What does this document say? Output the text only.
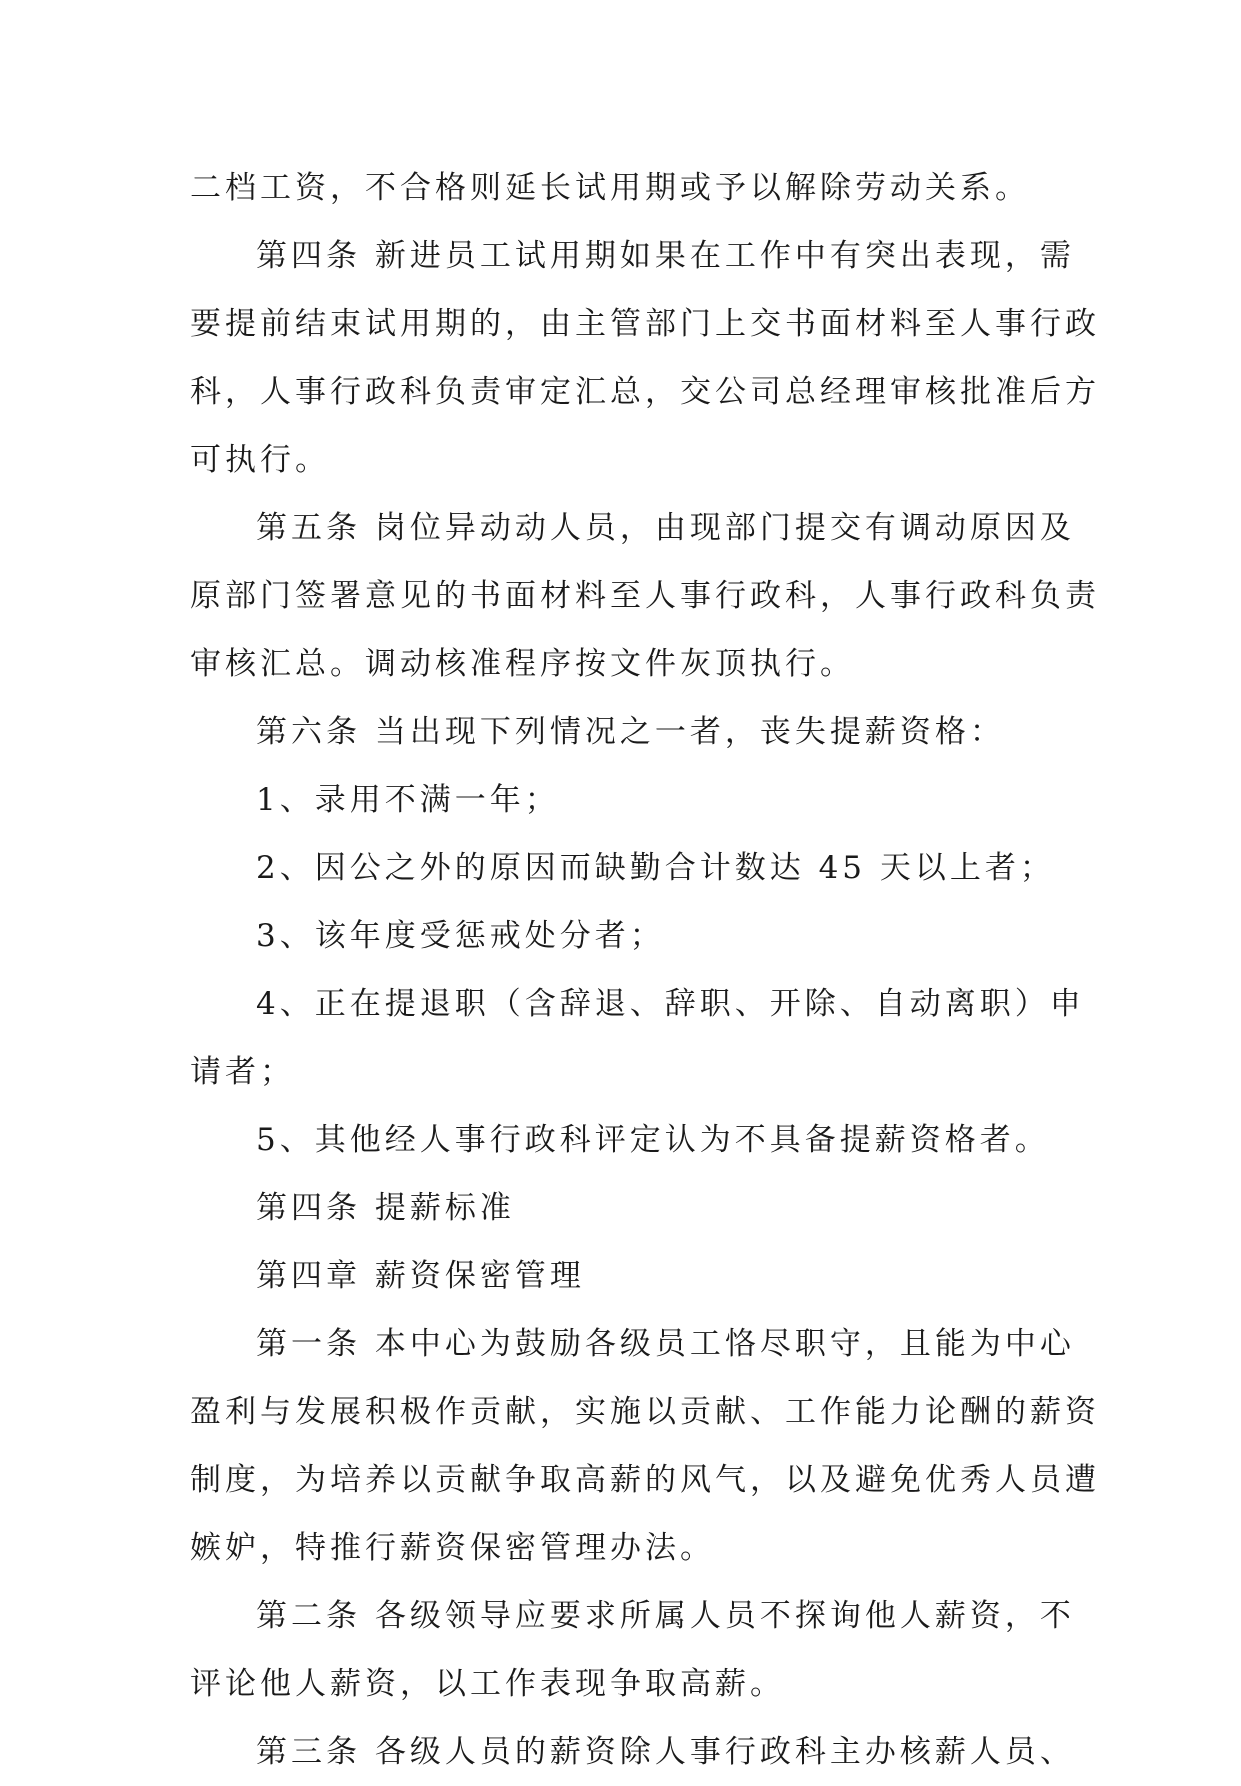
二档工资，不合格则延长试用期或予以解除劳动关系。
第四条 新进员工试用期如果在工作中有突出表现，需
要提前结束试用期的，由主管部门上交书面材料至人事行政
科，人事行政科负责审定汇总，交公司总经理审核批准后方
可执行。
第五条 岗位异动动人员，由现部门提交有调动原因及
原部门签署意见的书面材料至人事行政科，人事行政科负责
审核汇总。调动核准程序按文件灰顶执行。
第六条 当出现下列情况之一者，丧失提薪资格：
1、录用不满一年；
2、因公之外的原因而缺勤合计数达 45 天以上者；
3、该年度受惩戒处分者；
4、正在提退职（含辞退、辞职、开除、自动离职）申
请者；
5、其他经人事行政科评定认为不具备提薪资格者。
第四条 提薪标准
第四章 薪资保密管理
第一条 本中心为鼓励各级员工恪尽职守，且能为中心
盈利与发展积极作贡献，实施以贡献、工作能力论酬的薪资
制度，为培养以贡献争取高薪的风气，以及避免优秀人员遭
嫉妒，特推行薪资保密管理办法。
第二条 各级领导应要求所属人员不探询他人薪资，不
评论他人薪资，以工作表现争取高薪。
第三条 各级人员的薪资除人事行政科主办核薪人员、
